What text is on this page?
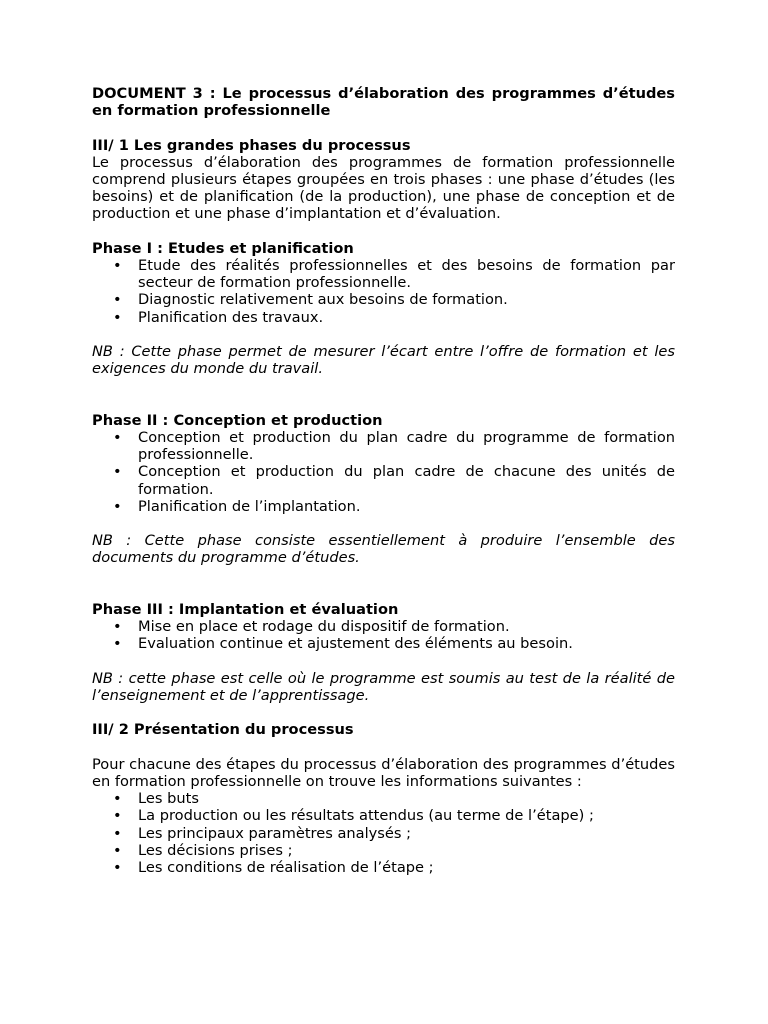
DOCUMENT 3 : Le processus d’élaboration des programmes d’études en formation professionnelle
III/ 1 Les grandes phases du processus

Le processus d’élaboration des programmes de formation professionnelle comprend plusieurs étapes groupées en trois phases : une phase d’études (les besoins) et de planification (de la production), une phase de conception et de production et une phase d’implantation et d’évaluation.

Phase I : Etudes et planification
• Etude des réalités professionnelles et des besoins de formation par secteur de formation professionnelle.
• Diagnostic relativement aux besoins de formation.
• Planification des travaux.

NB : Cette phase permet de mesurer l’écart entre l’offre de formation et les exigences du monde du travail.

Phase II : Conception et production
• Conception et production du plan cadre du programme de formation professionnelle.
• Conception et production du plan cadre de chacune des unités de formation.
• Planification de l’implantation.

NB : Cette phase consiste essentiellement à produire l’ensemble des documents du programme d’études.

Phase III : Implantation et évaluation
• Mise en place et rodage du dispositif de formation.
• Evaluation continue et ajustement des éléments au besoin.

NB : cette phase est celle où le programme est soumis au test de la réalité de l’enseignement et de l’apprentissage.

III/ 2 Présentation du processus

Pour chacune des étapes du processus d’élaboration des programmes d’études en formation professionnelle on trouve les informations suivantes :

• Les buts
• La production ou les résultats attendus (au terme de l’étape) ;
• Les principaux paramètres analysés ;
• Les décisions prises ;
• Les conditions de réalisation de l’étape ;
